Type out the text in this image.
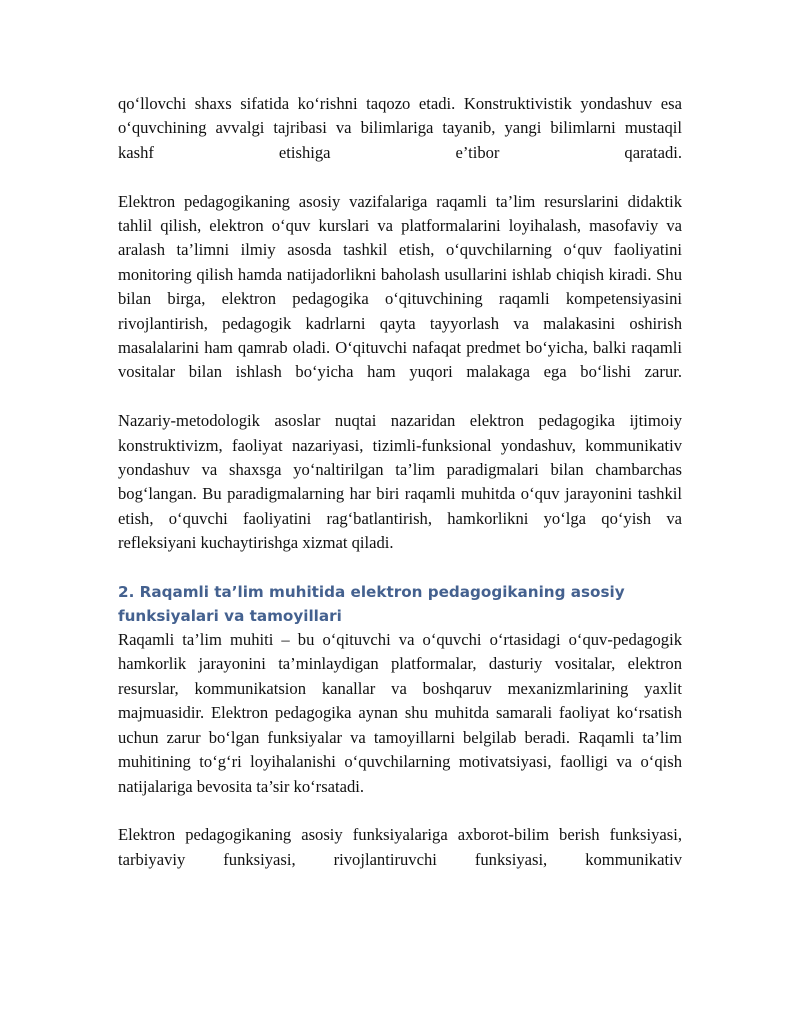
qo‘llovchi shaxs sifatida ko‘rishni taqozo etadi. Konstruktivistik yondashuv esa o‘quvchining avvalgi tajribasi va bilimlariga tayanib, yangi bilimlarni mustaqil kashf etishiga e’tibor qaratadi.

Elektron pedagogikaning asosiy vazifalariga raqamli ta’lim resurslarini didaktik tahlil qilish, elektron o‘quv kurslari va platformalarini loyihalash, masofaviy va aralash ta’limni ilmiy asosda tashkil etish, o‘quvchilarning o‘quv faoliyatini monitoring qilish hamda natijadorlikni baholash usullarini ishlab chiqish kiradi. Shu bilan birga, elektron pedagogika o‘qituvchining raqamli kompetensiyasini rivojlantirish, pedagogik kadrlarni qayta tayyorlash va malakasini oshirish masalalarini ham qamrab oladi. O‘qituvchi nafaqat predmet bo‘yicha, balki raqamli vositalar bilan ishlash bo‘yicha ham yuqori malakaga ega bo‘lishi zarur.

Nazariy-metodologik asoslar nuqtai nazaridan elektron pedagogika ijtimoiy konstruktivizm, faoliyat nazariyasi, tizimli-funksional yondashuv, kommunikativ yondashuv va shaxsga yo‘naltirilgan ta’lim paradigmalari bilan chambarchas bog‘langan. Bu paradigmalarning har biri raqamli muhitda o‘quv jarayonini tashkil etish, o‘quvchi faoliyatini rag‘batlantirish, hamkorlikni yo‘lga qo‘yish va refleksiyani kuchaytirishga xizmat qiladi.

2. Raqamli ta’lim muhitida elektron pedagogikaning asosiy funksiyalari va tamoyillari

Raqamli ta’lim muhiti – bu o‘qituvchi va o‘quvchi o‘rtasidagi o‘quv-pedagogik hamkorlik jarayonini ta’minlaydigan platformalar, dasturiy vositalar, elektron resurslar, kommunikatsion kanallar va boshqaruv mexanizmlarining yaxlit majmuasidir. Elektron pedagogika aynan shu muhitda samarali faoliyat ko‘rsatish uchun zarur bo‘lgan funksiyalar va tamoyillarni belgilab beradi. Raqamli ta’lim muhitining to‘g‘ri loyihalanishi o‘quvchilarning motivatsiyasi, faolligi va o‘qish natijalariga bevosita ta’sir ko‘rsatadi.

Elektron pedagogikaning asosiy funksiyalariga axborot-bilim berish funksiyasi, tarbiyaviy funksiyasi, rivojlantiruvchi funksiyasi, kommunikativ
